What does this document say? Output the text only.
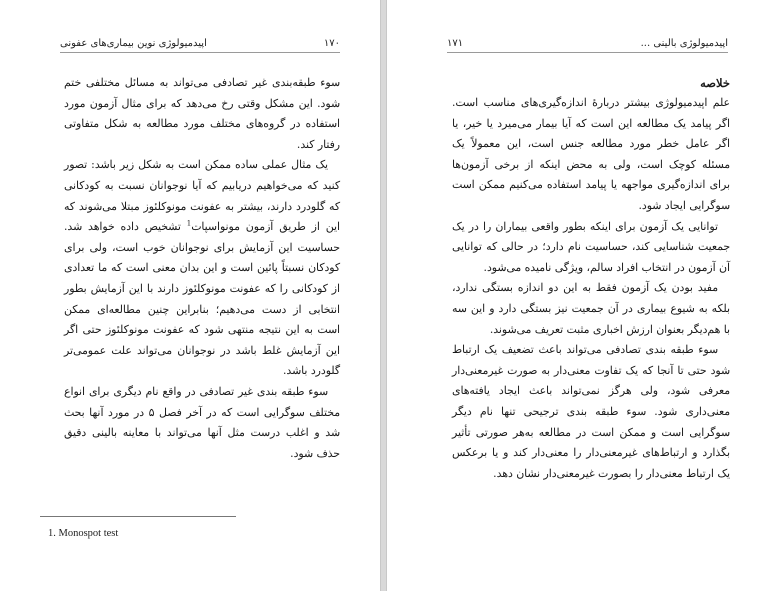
۱۷۰
اپیدمیولوژی نوین بیماری‌های عفونی

سوء طبقه‌بندی غیر تصادفی می‌تواند به مسائل مختلفی ختم شود. این مشکل وقتی رخ می‌دهد که برای مثال آزمون مورد استفاده در گروه‌های مختلف مورد مطالعه به شکل متفاوتی رفتار کند.

یک مثال عملی ساده ممکن است به شکل زیر باشد: تصور کنید که می‌خواهیم دریابیم که آیا نوجوانان نسبت به کودکانی که گلودرد دارند، بیشتر به عفونت مونوکلئوز مبتلا می‌شوند که این از طریق آزمون مونواسپات$^1$ تشخیص داده خواهد شد. حساسیت این آزمایش برای نوجوانان خوب است، ولی برای کودکان نسبتاً پائین است و این بدان معنی است که ما تعدادی از کودکانی را که عفونت مونوکلئوز دارند با این آزمایش بطور انتخابی از دست می‌دهیم؛ بنابراین چنین مطالعه‌ای ممکن است به این نتیجه منتهی شود که عفونت مونوکلئوز حتی اگر این آزمایش غلط باشد در نوجوانان می‌تواند علت عمومی‌تر گلودرد باشد.

سوء طبقه بندی غیر تصادفی در واقع نام دیگری برای انواع مختلف سوگرایی است که در آخر فصل ۵ در مورد آنها بحث شد و اغلب درست مثل آنها می‌تواند با معاینه بالینی دقیق حذف شود.

1. Monospot test
اپیدمیولوژی بالینی ...
۱۷۱
خلاصه

علم اپیدمیولوژی بیشتر دربارهٔ اندازه‌گیری‌های مناسب است. اگر پیامد یک مطالعه این است که آیا بیمار می‌میرد یا خیر، یا اگر عامل خطر مورد مطالعه جنس است، این معمولاً یک مسئله کوچک است، ولی به محض اینکه از برخی آزمون‌ها برای اندازه‌گیری مواجهه یا پیامد استفاده می‌کنیم ممکن است سوگرایی ایجاد شود.

توانایی یک آزمون برای اینکه بطور واقعی بیماران را در یک جمعیت شناسایی کند، حساسیت نام دارد؛ در حالی که توانایی آن آزمون در انتخاب افراد سالم، ویژگی نامیده می‌شود.

مفید بودن یک آزمون فقط به این دو اندازه بستگی ندارد، بلکه به شیوع بیماری در آن جمعیت نیز بستگی دارد و این سه با هم‌دیگر بعنوان ارزش اخباری مثبت تعریف می‌شوند.

سوء طبقه بندی تصادفی می‌تواند باعث تضعیف یک ارتباط شود حتی تا آنجا که یک تفاوت معنی‌دار به صورت غیرمعنی‌دار معرفی شود، ولی هرگز نمی‌تواند باعث ایجاد یافته‌های معنی‌داری شود. سوء طبقه بندی ترجیحی تنها نام دیگر سوگرایی است و ممکن است در مطالعه به‌هر صورتی تأثیر بگذارد و ارتباط‌های غیرمعنی‌دار را معنی‌دار کند و یا برعکس یک ارتباط معنی‌دار را بصورت غیرمعنی‌دار نشان دهد.
